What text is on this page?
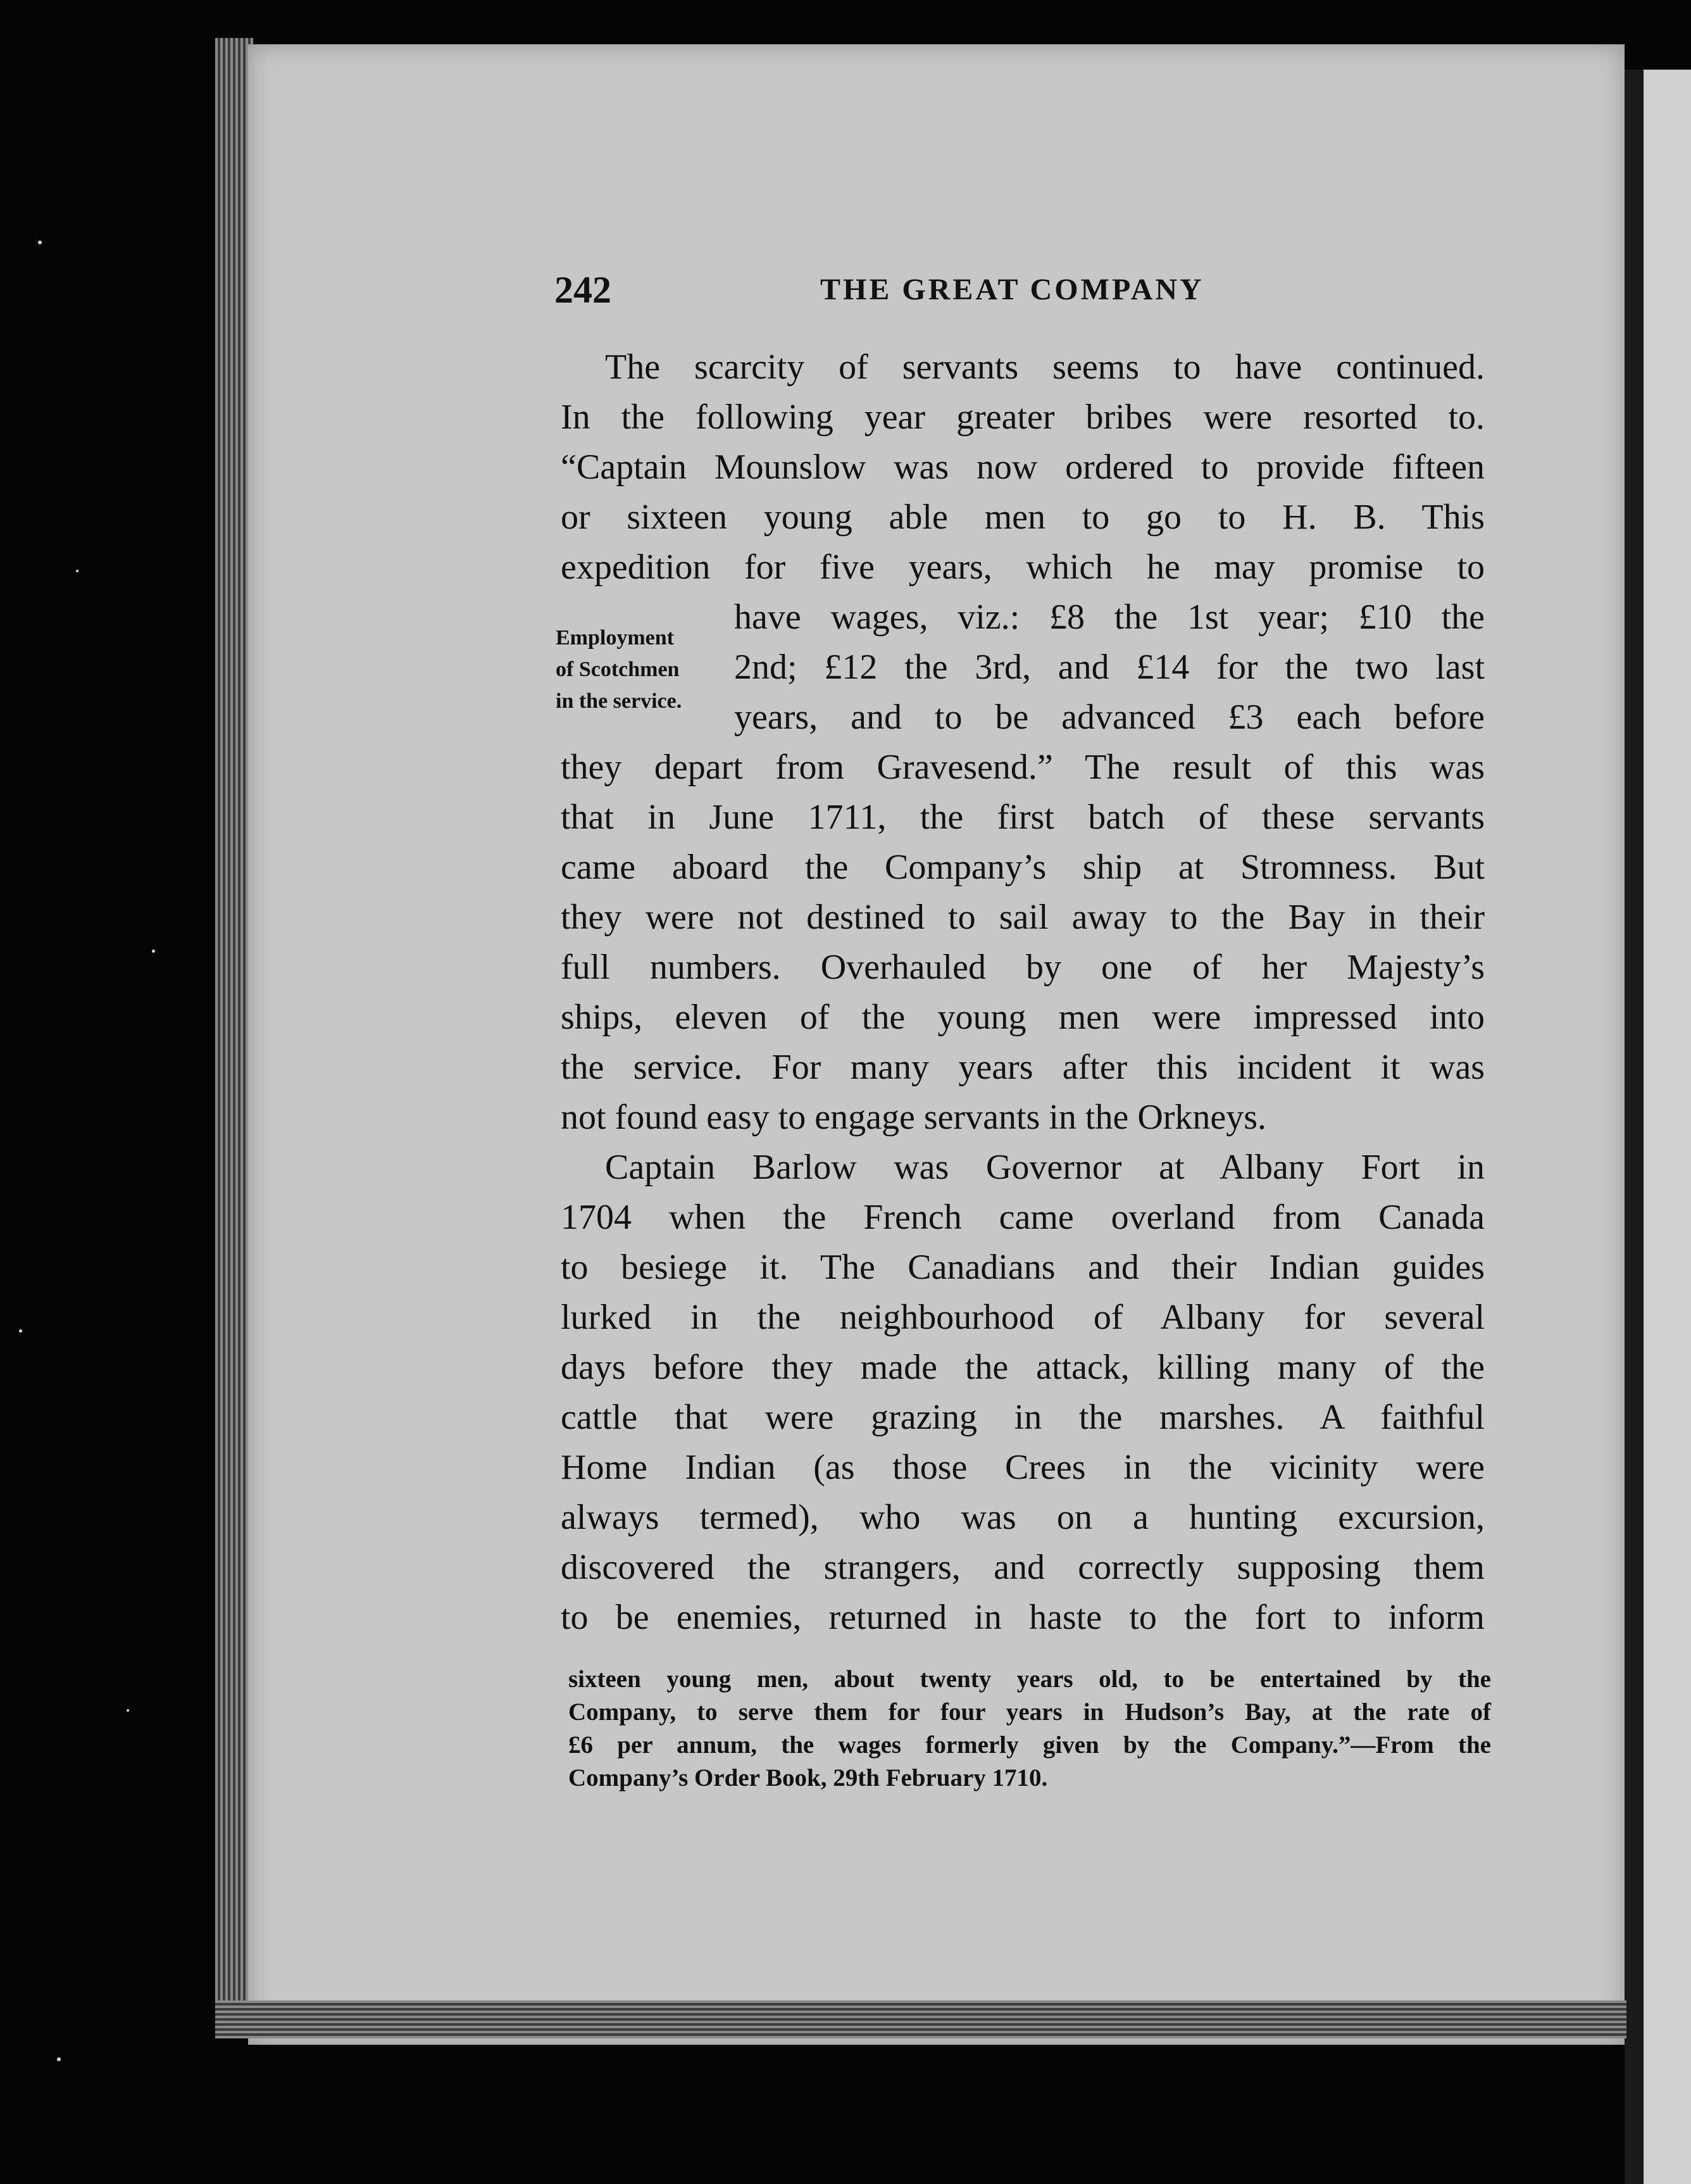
242	THE GREAT COMPANY
Employment
of Scotchmen
in the service.
The scarcity of servants seems to have continued.
In the following year greater bribes were resorted to.
“Captain Mounslow was now ordered to provide fifteen
or sixteen young able men to go to H. B. This
expedition for five years, which he may promise to
have wages, viz.: £8 the 1st year; £10 the
2nd; £12 the 3rd, and £14 for the two last
years, and to be advanced £3 each before
they depart from Gravesend.” The result of this was
that in June 1711, the first batch of these servants
came aboard the Company’s ship at Stromness. But
they were not destined to sail away to the Bay in their
full numbers. Overhauled by one of her Majesty’s
ships, eleven of the young men were impressed into
the service. For many years after this incident it was
not found easy to engage servants in the Orkneys.
Captain Barlow was Governor at Albany Fort in
1704 when the French came overland from Canada
to besiege it. The Canadians and their Indian guides
lurked in the neighbourhood of Albany for several
days before they made the attack, killing many of the
cattle that were grazing in the marshes. A faithful
Home Indian (as those Crees in the vicinity were
always termed), who was on a hunting excursion,
discovered the strangers, and correctly supposing them
to be enemies, returned in haste to the fort to inform
sixteen young men, about twenty years old, to be entertained by the
Company, to serve them for four years in Hudson’s Bay, at the rate of
£6 per annum, the wages formerly given by the Company.”—From the
Company’s Order Book, 29th February 1710.
